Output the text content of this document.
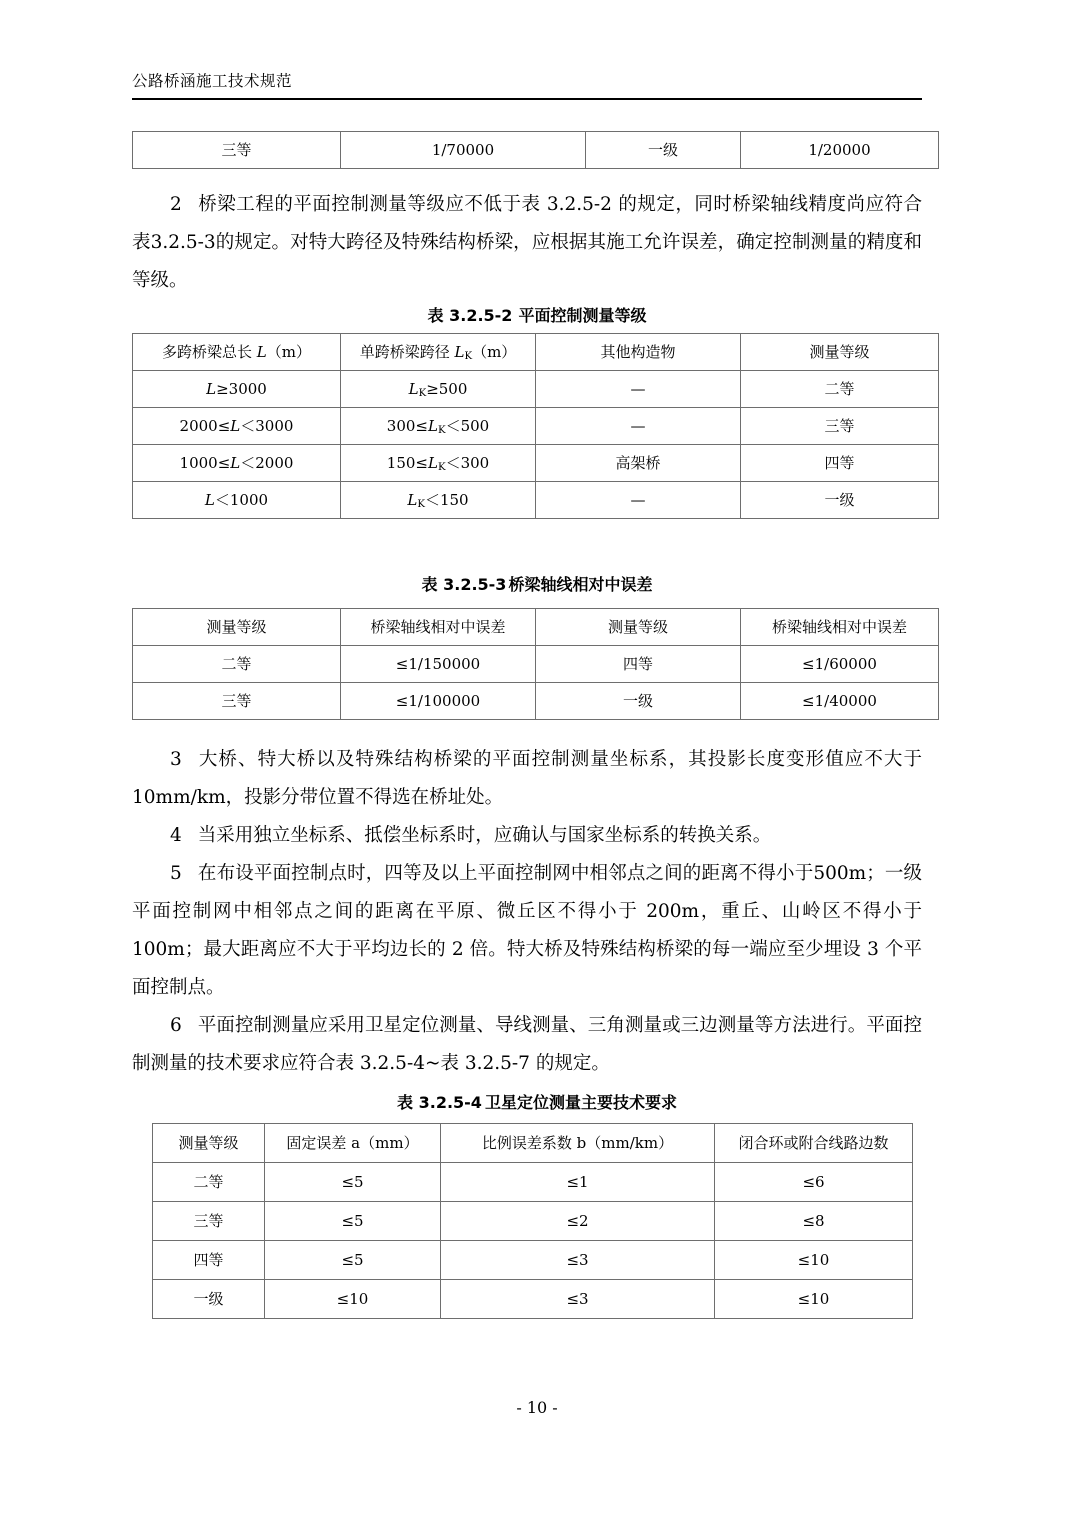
公路桥涵施工技术规范
三等	1/70000	一级	1/20000
2 桥梁工程的平面控制测量等级应不低于表 3.2.5-2 的规定，同时桥梁轴线精度尚应符合表3.2.5-3的规定。对特大跨径及特殊结构桥梁，应根据其施工允许误差，确定控制测量的精度和等级。
表 3.2.5-2 平面控制测量等级
多跨桥梁总长 L（m）	单跨桥梁跨径 $L_K(m)$	其他构造物	测量等级
L≥3000	$L_K\ge 500$	—	二等
2000≤L＜3000	$300\le L_K<500$	—	三等
1000≤L＜2000	$150\le L_K<300$	高架桥	四等
L＜1000	$L_K<150$	—	一级
表 3.2.5-3 桥梁轴线相对中误差
测量等级	桥梁轴线相对中误差	测量等级	桥梁轴线相对中误差
二等	≤1/150000	四等	≤1/60000
三等	≤1/100000	一级	≤1/40000
3 大桥、特大桥以及特殊结构桥梁的平面控制测量坐标系，其投影长度变形值应不大于 10mm/km，投影分带位置不得选在桥址处。
4 当采用独立坐标系、抵偿坐标系时，应确认与国家坐标系的转换关系。
5 在布设平面控制点时，四等及以上平面控制网中相邻点之间的距离不得小于500m；一级平面控制网中相邻点之间的距离在平原、微丘区不得小于 200m，重丘、山岭区不得小于 100m；最大距离应不大于平均边长的 2 倍。特大桥及特殊结构桥梁的每一端应至少埋设 3 个平面控制点。
6 平面控制测量应采用卫星定位测量、导线测量、三角测量或三边测量等方法进行。平面控制测量的技术要求应符合表 3.2.5-4~表 3.2.5-7 的规定。
表 3.2.5-4 卫星定位测量主要技术要求
测量等级	固定误差 a（mm）	比例误差系数 b（mm/km）	闭合环或附合线路边数
二等	≤5	≤1	≤6
三等	≤5	≤2	≤8
四等	≤5	≤3	≤10
一级	≤10	≤3	≤10
- 10 -
